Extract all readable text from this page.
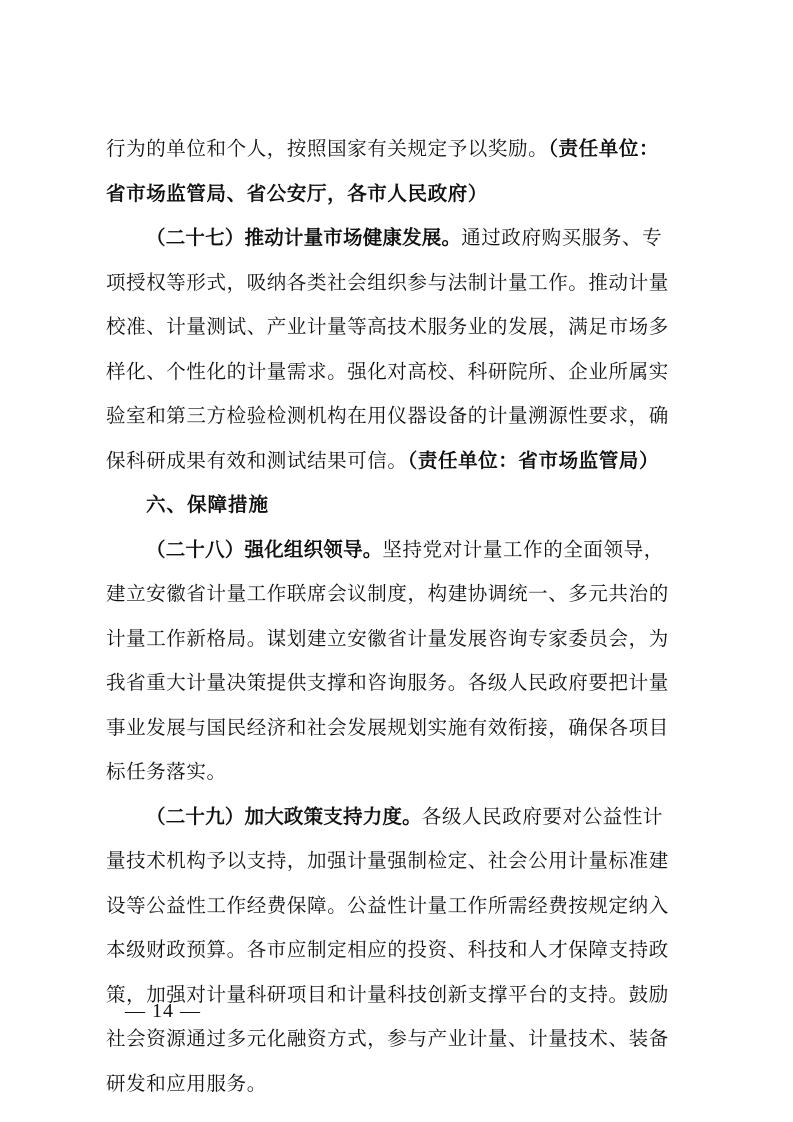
行为的单位和个人，按照国家有关规定予以奖励。（责任单位：
省市场监管局、省公安厅，各市人民政府）
（二十七）推动计量市场健康发展。通过政府购买服务、专
项授权等形式，吸纳各类社会组织参与法制计量工作。推动计量
校准、计量测试、产业计量等高技术服务业的发展，满足市场多
样化、个性化的计量需求。强化对高校、科研院所、企业所属实
验室和第三方检验检测机构在用仪器设备的计量溯源性要求，确
保科研成果有效和测试结果可信。（责任单位：省市场监管局）
六、保障措施
（二十八）强化组织领导。坚持党对计量工作的全面领导，
建立安徽省计量工作联席会议制度，构建协调统一、多元共治的
计量工作新格局。谋划建立安徽省计量发展咨询专家委员会，为
我省重大计量决策提供支撑和咨询服务。各级人民政府要把计量
事业发展与国民经济和社会发展规划实施有效衔接，确保各项目
标任务落实。
（二十九）加大政策支持力度。各级人民政府要对公益性计
量技术机构予以支持，加强计量强制检定、社会公用计量标准建
设等公益性工作经费保障。公益性计量工作所需经费按规定纳入
本级财政预算。各市应制定相应的投资、科技和人才保障支持政
策，加强对计量科研项目和计量科技创新支撑平台的支持。鼓励
社会资源通过多元化融资方式，参与产业计量、计量技术、装备
研发和应用服务。
— 14 —
